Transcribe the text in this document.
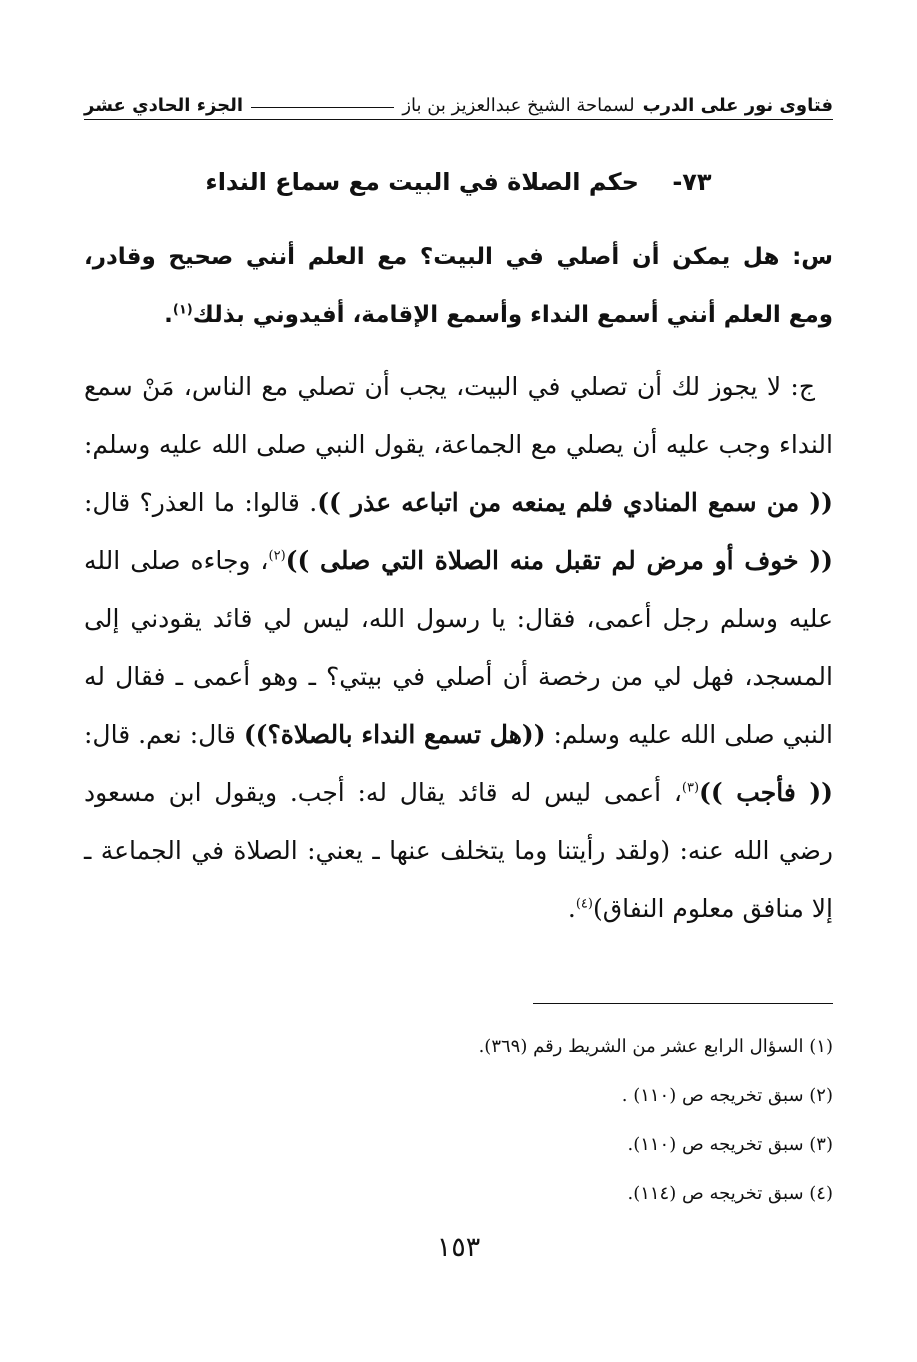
فتاوى نور على الدرب
لسماحة الشيخ عبدالعزيز بن باز
الجزء الحادي عشر
٧٣-    حكم الصلاة في البيت مع سماع النداء

س: هل يمكن أن أصلي في البيت؟ مع العلم أنني صحيح وقادر، ومع العلم أنني أسمع النداء وأسمع الإقامة، أفيدوني بذلك$^{(١)}$.

ج: لا يجوز لك أن تصلي في البيت، يجب أن تصلي مع الناس، مَنْ سمع النداء وجب عليه أن يصلي مع الجماعة، يقول النبي صلى الله عليه وسلم: (( من سمع المنادي فلم يمنعه من اتباعه عذر )). قالوا: ما العذر؟ قال: (( خوف أو مرض لم تقبل منه الصلاة التي صلى ))$^{(٢)}$، وجاءه صلى الله عليه وسلم رجل أعمى، فقال: يا رسول الله، ليس لي قائد يقودني إلى المسجد، فهل لي من رخصة أن أصلي في بيتي؟ ـ وهو أعمى ـ فقال له النبي صلى الله عليه وسلم: ((هل تسمع النداء بالصلاة؟)) قال: نعم. قال: (( فأجب ))$^{(٣)}$، أعمى ليس له قائد يقال له: أجب. ويقول ابن مسعود رضي الله عنه: (ولقد رأيتنا وما يتخلف عنها ـ يعني: الصلاة في الجماعة ـ إلا منافق معلوم النفاق)$^{(٤)}$.

(١) السؤال الرابع عشر من الشريط رقم (٣٦٩).
(٢) سبق تخريجه ص (١١٠) .
(٣) سبق تخريجه ص (١١٠).
(٤) سبق تخريجه ص (١١٤).
١٥٣
